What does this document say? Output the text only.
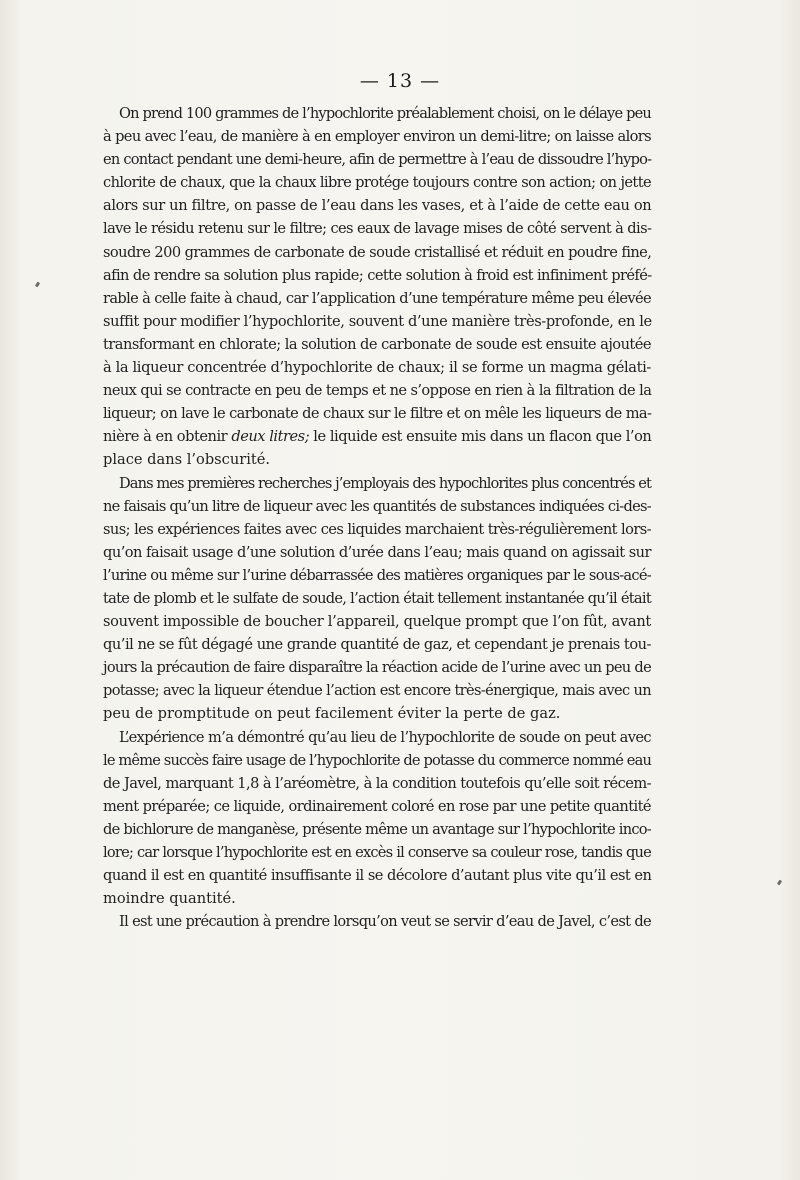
— 13 —
On prend 100 grammes de l’hypochlorite préalablement choisi, on le délaye peu
à peu avec l’eau, de manière à en employer environ un demi-litre; on laisse alors
en contact pendant une demi-heure, afin de permettre à l’eau de dissoudre l’hypo-
chlorite de chaux, que la chaux libre protége toujours contre son action; on jette
alors sur un filtre, on passe de l’eau dans les vases, et à l’aide de cette eau on
lave le résidu retenu sur le filtre; ces eaux de lavage mises de côté servent à dis-
soudre 200 grammes de carbonate de soude cristallisé et réduit en poudre fine,
afin de rendre sa solution plus rapide; cette solution à froid est infiniment préfé-
rable à celle faite à chaud, car l’application d’une température même peu élevée
suffit pour modifier l’hypochlorite, souvent d’une manière très-profonde, en le
transformant en chlorate; la solution de carbonate de soude est ensuite ajoutée
à la liqueur concentrée d’hypochlorite de chaux; il se forme un magma gélati-
neux qui se contracte en peu de temps et ne s’oppose en rien à la filtration de la
liqueur; on lave le carbonate de chaux sur le filtre et on mêle les liqueurs de ma-
nière à en obtenir deux litres; le liquide est ensuite mis dans un flacon que l’on
place dans l’obscurité.
Dans mes premières recherches j’employais des hypochlorites plus concentrés et
ne faisais qu’un litre de liqueur avec les quantités de substances indiquées ci-des-
sus; les expériences faites avec ces liquides marchaient très-régulièrement lors-
qu’on faisait usage d’une solution d’urée dans l’eau; mais quand on agissait sur
l’urine ou même sur l’urine débarrassée des matières organiques par le sous-acé-
tate de plomb et le sulfate de soude, l’action était tellement instantanée qu’il était
souvent impossible de boucher l’appareil, quelque prompt que l’on fût, avant
qu’il ne se fût dégagé une grande quantité de gaz, et cependant je prenais tou-
jours la précaution de faire disparaître la réaction acide de l’urine avec un peu de
potasse; avec la liqueur étendue l’action est encore très-énergique, mais avec un
peu de promptitude on peut facilement éviter la perte de gaz.
L’expérience m’a démontré qu’au lieu de l’hypochlorite de soude on peut avec
le même succès faire usage de l’hypochlorite de potasse du commerce nommé eau
de Javel, marquant 1,8 à l’aréomètre, à la condition toutefois qu’elle soit récem-
ment préparée; ce liquide, ordinairement coloré en rose par une petite quantité
de bichlorure de manganèse, présente même un avantage sur l’hypochlorite inco-
lore; car lorsque l’hypochlorite est en excès il conserve sa couleur rose, tandis que
quand il est en quantité insuffisante il se décolore d’autant plus vite qu’il est en
moindre quantité.
Il est une précaution à prendre lorsqu’on veut se servir d’eau de Javel, c’est de
